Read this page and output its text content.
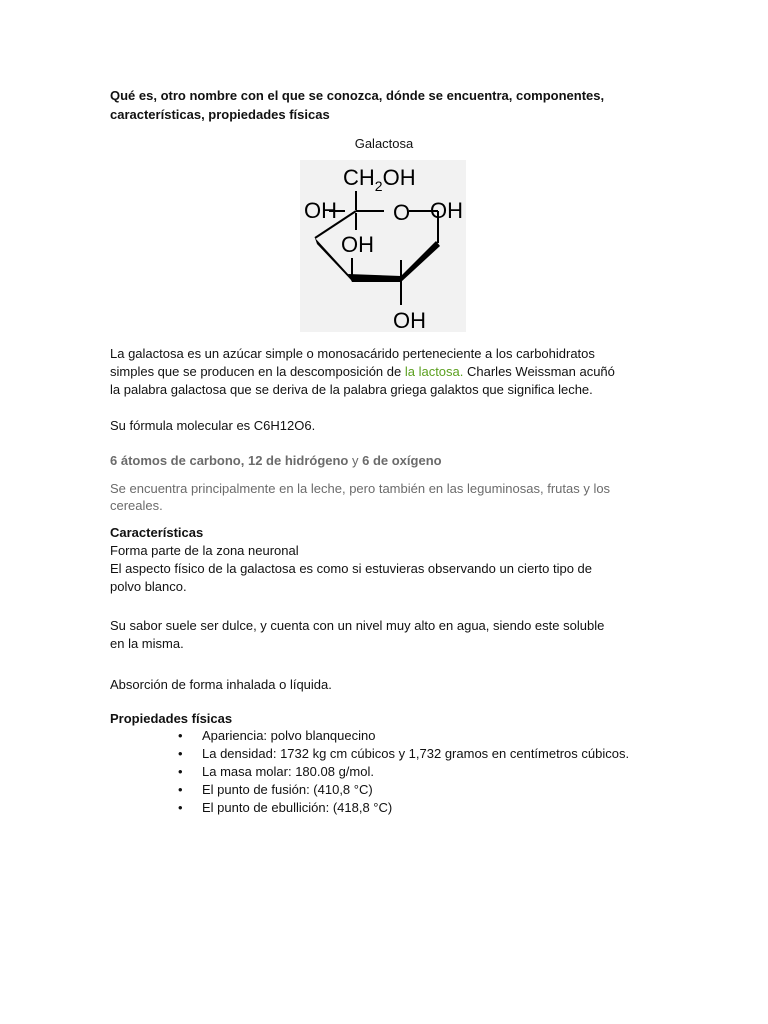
Qué es, otro nombre con el que se conozca, dónde se encuentra, componentes,
características, propiedades físicas
Galactosa
$CH_2OH$
OH	O OH
OH
OH
La galactosa es un azúcar simple o monosacárido perteneciente a los carbohidratos
simples que se producen en la descomposición de la lactosa. Charles Weissman acuñó
la palabra galactosa que se deriva de la palabra griega galaktos que significa leche.
Su fórmula molecular es C6H12O6.
6 átomos de carbono, 12 de hidrógeno y 6 de oxígeno
Se encuentra principalmente en la leche, pero también en las leguminosas, frutas y los
cereales.
Características
Forma parte de la zona neuronal
El aspecto físico de la galactosa es como si estuvieras observando un cierto tipo de
polvo blanco.
Su sabor suele ser dulce, y cuenta con un nivel muy alto en agua, siendo este soluble
en la misma.
Absorción de forma inhalada o líquida.
Propiedades físicas
• Apariencia: polvo blanquecino
• La densidad: 1732 kg cm cúbicos y 1,732 gramos en centímetros cúbicos.
• La masa molar: 180.08 g/mol.
• El punto de fusión: (410,8 °C)
• El punto de ebullición: (418,8 °C)
